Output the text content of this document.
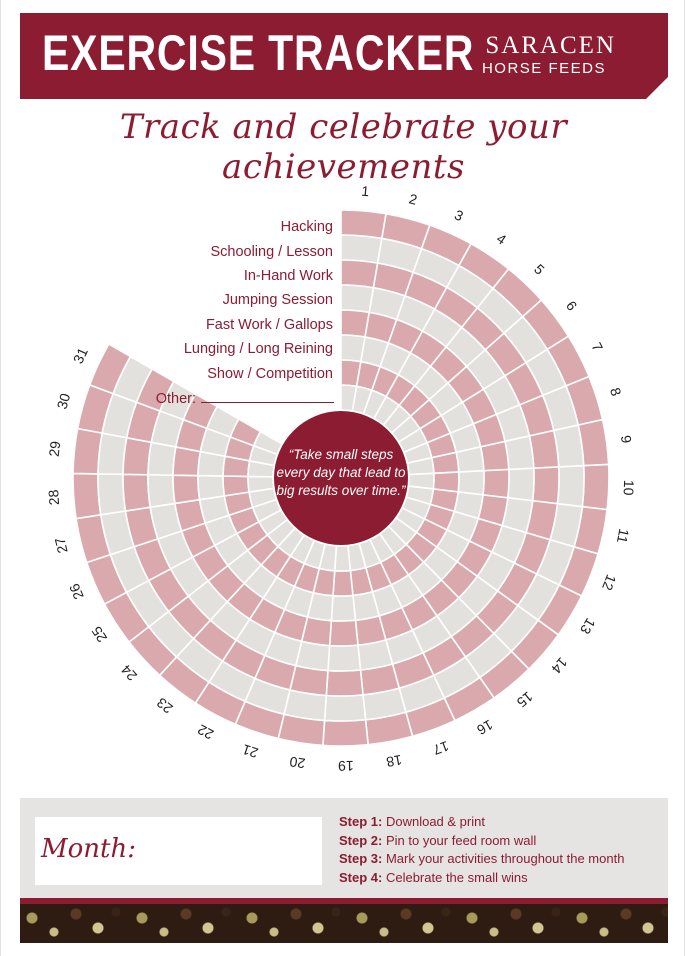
EXERCISE TRACKER SARACEN
HORSE FEEDS
Track and celebrate your achievements
1	2
3
4
5
6
7
8
9
10
11
12
13
14
15
16
17
18
19
20
21
22
23
24
25
26
27
28
29
30
31
Hacking
Schooling / Lesson
In-Hand Work
Jumping Session
Fast Work / Gallops
Lunging / Long Reining
Show / Competition
Other:
“Take small steps every day that lead to big results over time.”
Month:
Step 1: Download & print
Step 2: Pin to your feed room wall
Step 3: Mark your activities throughout the month
Step 4: Celebrate the small wins
